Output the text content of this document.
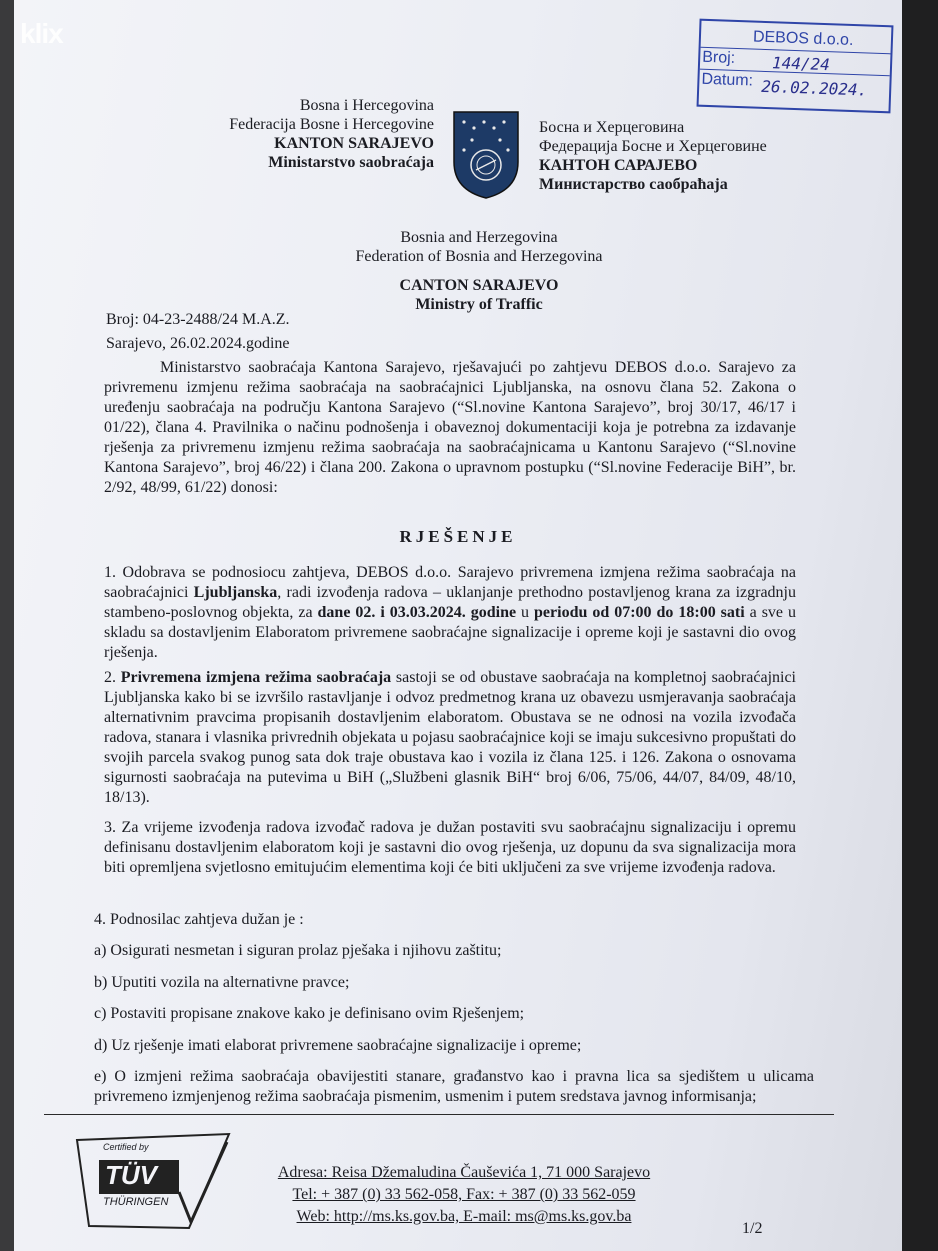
DEBOS d.o.o.
Broj: 144/24
Datum: 26.02.2024.
Bosna i Hercegovina
Federacija Bosne i Hercegovine
KANTON SARAJEVO
Ministarstvo saobraćaja
Босна и Херцеговина
Федерација Босне и Херцеговине
КАНТОН САРАЈЕВО
Министарство саобраћаја
Bosnia and Herzegovina
Federation of Bosnia and Herzegovina
CANTON SARAJEVO
Ministry of Traffic
Broj: 04-23-2488/24 M.A.Z.
Sarajevo, 26.02.2024.godine
Ministarstvo saobraćaja Kantona Sarajevo, rješavajući po zahtjevu DEBOS d.o.o. Sarajevo za privremenu izmjenu režima saobraćaja na saobraćajnici Ljubljanska, na osnovu člana 52. Zakona o uređenju saobraćaja na području Kantona Sarajevo (“Sl.novine Kantona Sarajevo”, broj 30/17, 46/17 i 01/22), člana 4. Pravilnika o načinu podnošenja i obaveznoj dokumentaciji koja je potrebna za izdavanje rješenja za privremenu izmjenu režima saobraćaja na saobraćajnicama u Kantonu Sarajevo (“Sl.novine Kantona Sarajevo”, broj 46/22) i člana 200. Zakona o upravnom postupku (“Sl.novine Federacije BiH”, br. 2/92, 48/99, 61/22) donosi:
RJEŠENJE
1. Odobrava se podnosiocu zahtjeva, DEBOS d.o.o. Sarajevo privremena izmjena režima saobraćaja na saobraćajnici Ljubljanska, radi izvođenja radova – uklanjanje prethodno postavljenog krana za izgradnju stambeno-poslovnog objekta, za dane 02. i 03.03.2024. godine u periodu od 07:00 do 18:00 sati a sve u skladu sa dostavljenim Elaboratom privremene saobraćajne signalizacije i opreme koji je sastavni dio ovog rješenja.
2. Privremena izmjena režima saobraćaja sastoji se od obustave saobraćaja na kompletnoj saobraćajnici Ljubljanska kako bi se izvršilo rastavljanje i odvoz predmetnog krana uz obavezu usmjeravanja saobraćaja alternativnim pravcima propisanih dostavljenim elaboratom. Obustava se ne odnosi na vozila izvođača radova, stanara i vlasnika privrednih objekata u pojasu saobraćajnice koji se imaju sukcesivno propuštati do svojih parcela svakog punog sata dok traje obustava kao i vozila iz člana 125. i 126. Zakona o osnovama sigurnosti saobraćaja na putevima u BiH („Službeni glasnik BiH“ broj 6/06, 75/06, 44/07, 84/09, 48/10, 18/13).
3. Za vrijeme izvođenja radova izvođač radova je dužan postaviti svu saobraćajnu signalizaciju i opremu definisanu dostavljenim elaboratom koji je sastavni dio ovog rješenja, uz dopunu da sva signalizacija mora biti opremljena svjetlosno emitujućim elementima koji će biti uključeni za sve vrijeme izvođenja radova.
4. Podnosilac zahtjeva dužan je :
a) Osigurati nesmetan i siguran prolaz pješaka i njihovu zaštitu;
b) Uputiti vozila na alternativne pravce;
c) Postaviti propisane znakove kako je definisano ovim Rješenjem;
d) Uz rješenje imati elaborat privremene saobraćajne signalizacije i opreme;
e) O izmjeni režima saobraćaja obavijestiti stanare, građanstvo kao i pravna lica sa sjedištem u ulicama privremeno izmjenjenog režima saobraćaja pismenim, usmenim i putem sredstava javnog informisanja;
Certified by
TÜV
THÜRINGEN
Adresa: Reisa Džemaludina Čauševića 1, 71 000 Sarajevo
Tel: + 387 (0) 33 562-058, Fax: + 387 (0) 33 562-059
Web: http://ms.ks.gov.ba, E-mail: ms@ms.ks.gov.ba
1/2
klix
